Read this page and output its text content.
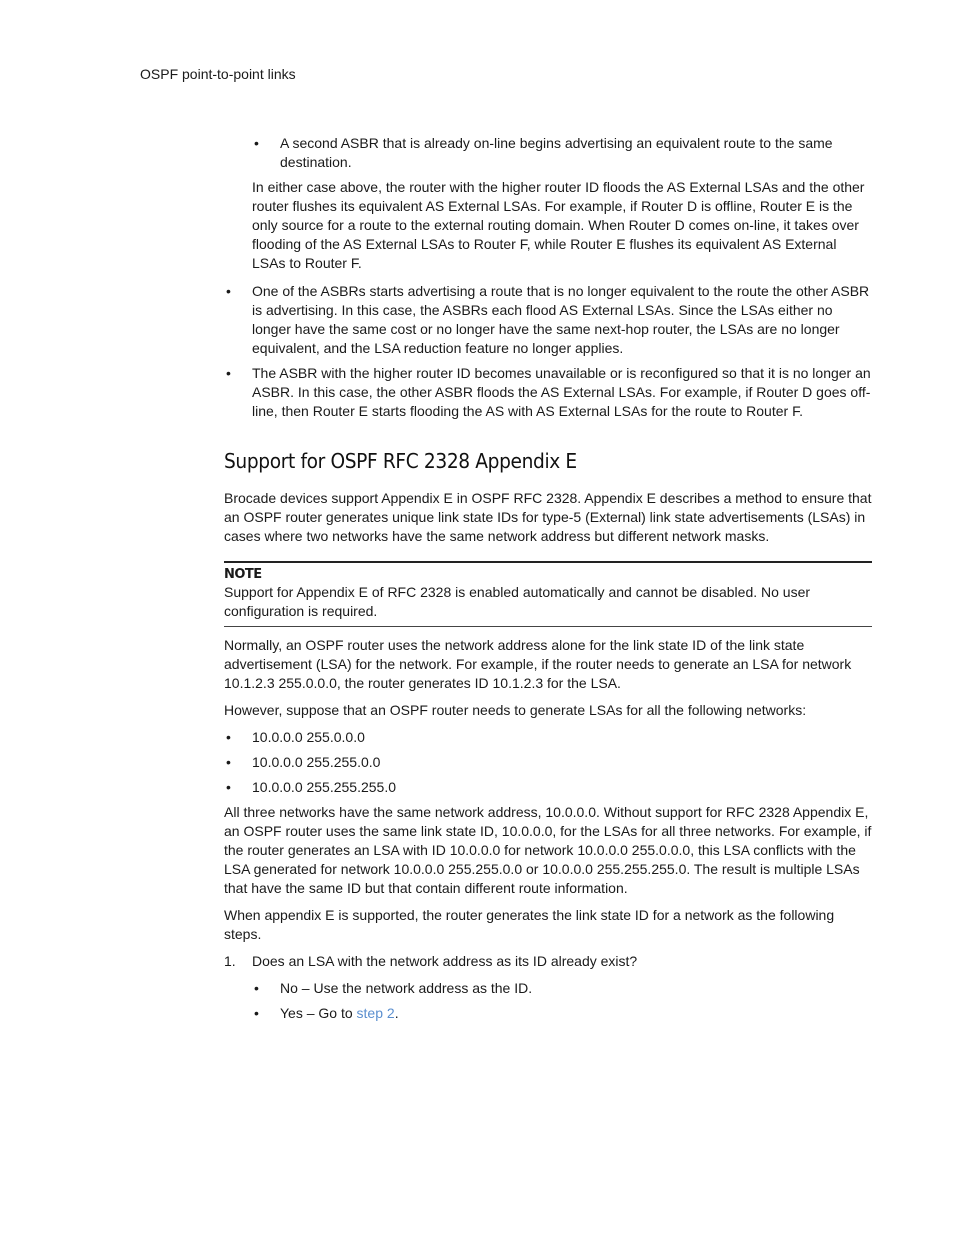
OSPF point-to-point links
• A second ASBR that is already on-line begins advertising an equivalent route to the same destination.

In either case above, the router with the higher router ID floods the AS External LSAs and the other router flushes its equivalent AS External LSAs. For example, if Router D is offline, Router E is the only source for a route to the external routing domain. When Router D comes on-line, it takes over flooding of the AS External LSAs to Router F, while Router E flushes its equivalent AS External LSAs to Router F.

• One of the ASBRs starts advertising a route that is no longer equivalent to the route the other ASBR is advertising. In this case, the ASBRs each flood AS External LSAs. Since the LSAs either no longer have the same cost or no longer have the same next-hop router, the LSAs are no longer equivalent, and the LSA reduction feature no longer applies.
• The ASBR with the higher router ID becomes unavailable or is reconfigured so that it is no longer an ASBR. In this case, the other ASBR floods the AS External LSAs. For example, if Router D goes off-line, then Router E starts flooding the AS with AS External LSAs for the route to Router F.
Support for OSPF RFC 2328 Appendix E

Brocade devices support Appendix E in OSPF RFC 2328. Appendix E describes a method to ensure that an OSPF router generates unique link state IDs for type-5 (External) link state advertisements (LSAs) in cases where two networks have the same network address but different network masks.

NOTE
Support for Appendix E of RFC 2328 is enabled automatically and cannot be disabled. No user configuration is required.

Normally, an OSPF router uses the network address alone for the link state ID of the link state advertisement (LSA) for the network. For example, if the router needs to generate an LSA for network 10.1.2.3 255.0.0.0, the router generates ID 10.1.2.3 for the LSA.

However, suppose that an OSPF router needs to generate LSAs for all the following networks:

• 10.0.0.0 255.0.0.0
• 10.0.0.0 255.255.0.0
• 10.0.0.0 255.255.255.0

All three networks have the same network address, 10.0.0.0. Without support for RFC 2328 Appendix E, an OSPF router uses the same link state ID, 10.0.0.0, for the LSAs for all three networks. For example, if the router generates an LSA with ID 10.0.0.0 for network 10.0.0.0 255.0.0.0, this LSA conflicts with the LSA generated for network 10.0.0.0 255.255.0.0 or 10.0.0.0 255.255.255.0. The result is multiple LSAs that have the same ID but that contain different route information.

When appendix E is supported, the router generates the link state ID for a network as the following steps.

1. Does an LSA with the network address as its ID already exist?
• No – Use the network address as the ID.
• Yes – Go to step 2.
